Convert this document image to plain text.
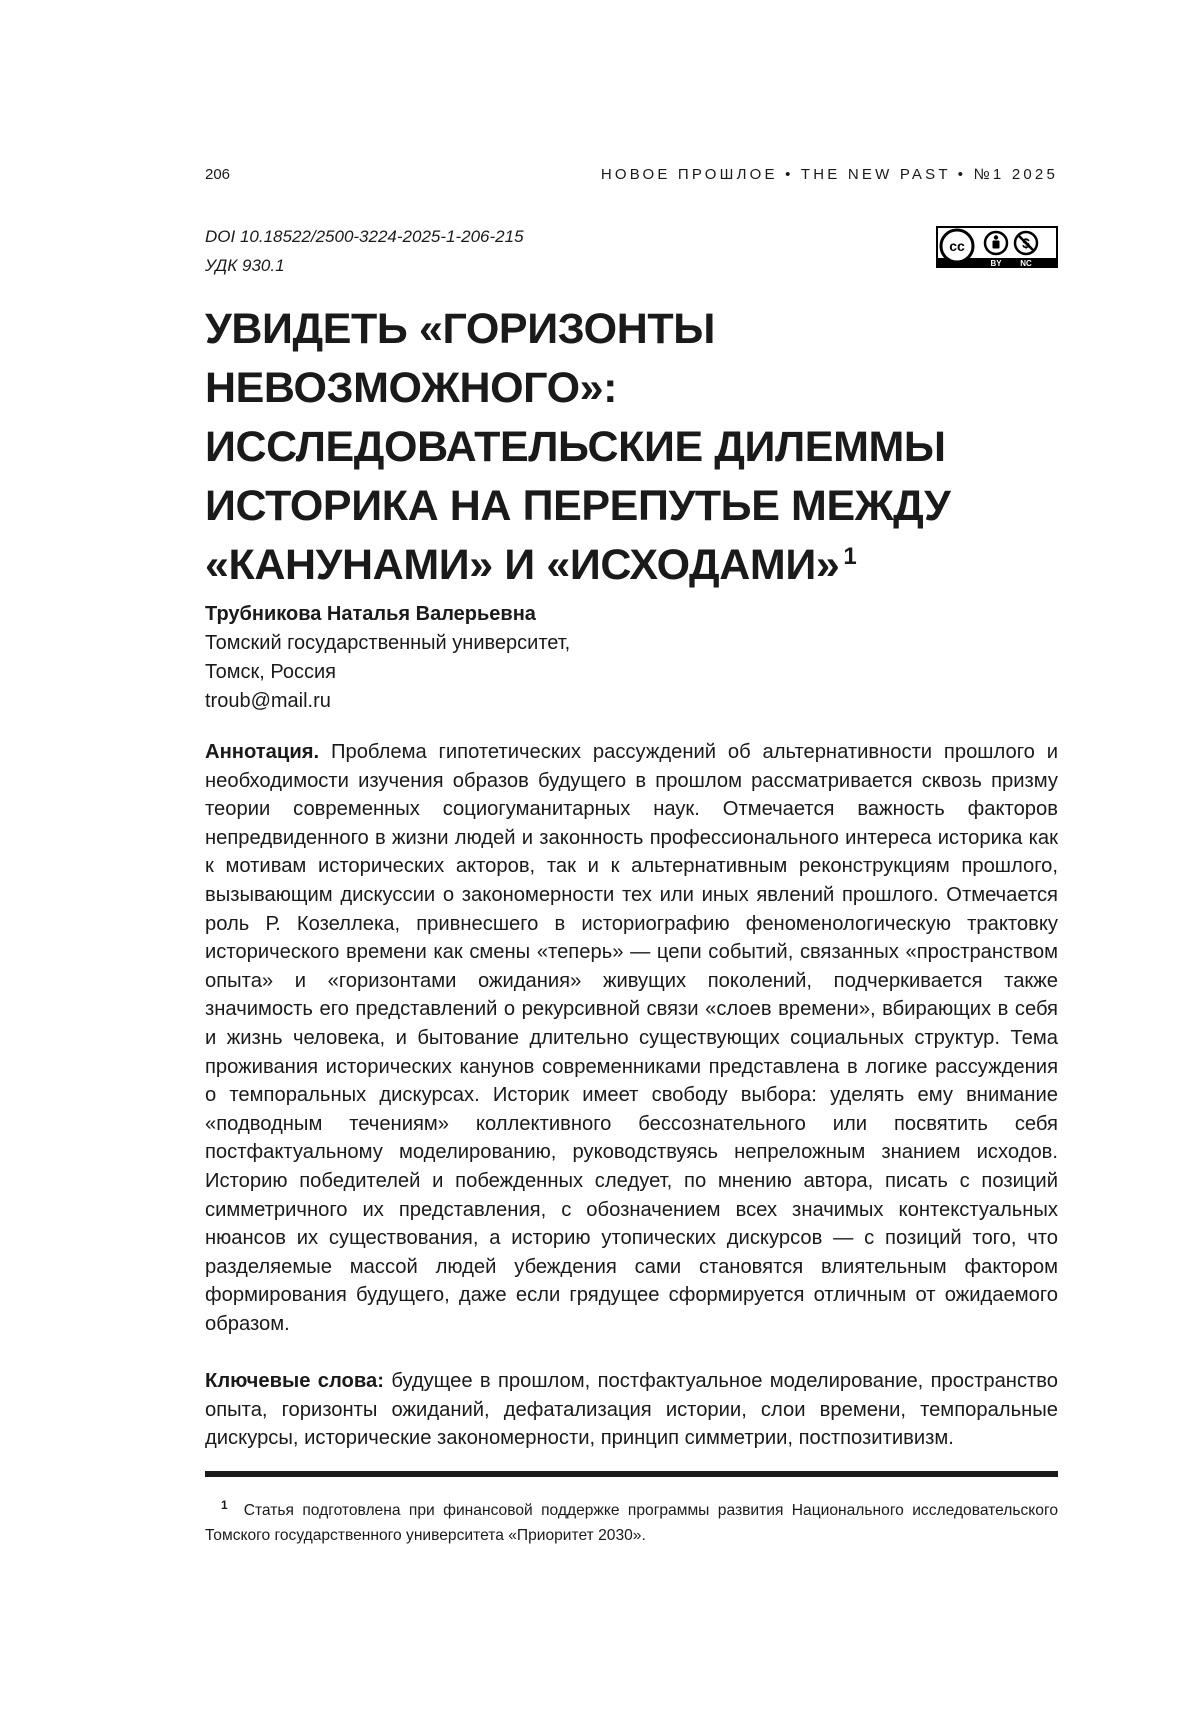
206	НОВОЕ ПРОШЛОЕ • THE NEW PAST • №1 2025
DOI 10.18522/2500-3224-2025-1-206-215
УДК 930.1
cc
BY NC
УВИДЕТЬ «ГОРИЗОНТЫ НЕВОЗМОЖНОГО»: ИССЛЕДОВАТЕЛЬСКИЕ ДИЛЕММЫ ИСТОРИКА НА ПЕРЕПУТЬЕ МЕЖДУ «КАНУНАМИ» И «ИСХОДАМИ» 1
Трубникова Наталья Валерьевна
Томский государственный университет,
Томск, Россия
troub@mail.ru

Аннотация. Проблема гипотетических рассуждений об альтернативности прошлого и необходимости изучения образов будущего в прошлом рассматривается сквозь призму теории современных социогуманитарных наук. Отмечается важность факторов непредвиденного в жизни людей и законность профессионального интереса историка как к мотивам исторических акторов, так и к альтернативным реконструкциям прошлого, вызывающим дискуссии о закономерности тех или иных явлений прошлого. Отмечается роль Р. Козеллека, привнесшего в историографию феноменологическую трактовку исторического времени как смены «теперь» — цепи событий, связанных «пространством опыта» и «горизонтами ожидания» живущих поколений, подчеркивается также значимость его представлений о рекурсивной связи «слоев времени», вбирающих в себя и жизнь человека, и бытование длительно существующих социальных структур. Тема проживания исторических канунов современниками представлена в логике рассуждения о темпоральных дискурсах. Историк имеет свободу выбора: уделять ему внимание «подводным течениям» коллективного бессознательного или посвятить себя постфактуальному моделированию, руководствуясь непреложным знанием исходов. Историю победителей и побежденных следует, по мнению автора, писать с позиций симметричного их представления, с обозначением всех значимых контекстуальных нюансов их существования, а историю утопических дискурсов — с позиций того, что разделяемые массой людей убеждения сами становятся влиятельным фактором формирования будущего, даже если грядущее сформируется отличным от ожидаемого образом.

Ключевые слова: будущее в прошлом, постфактуальное моделирование, пространство опыта, горизонты ожиданий, дефатализация истории, слои времени, темпоральные дискурсы, исторические закономерности, принцип симметрии, постпозитивизм.

1 Статья подготовлена при финансовой поддержке программы развития Национального исследовательского Томского государственного университета «Приоритет 2030».
